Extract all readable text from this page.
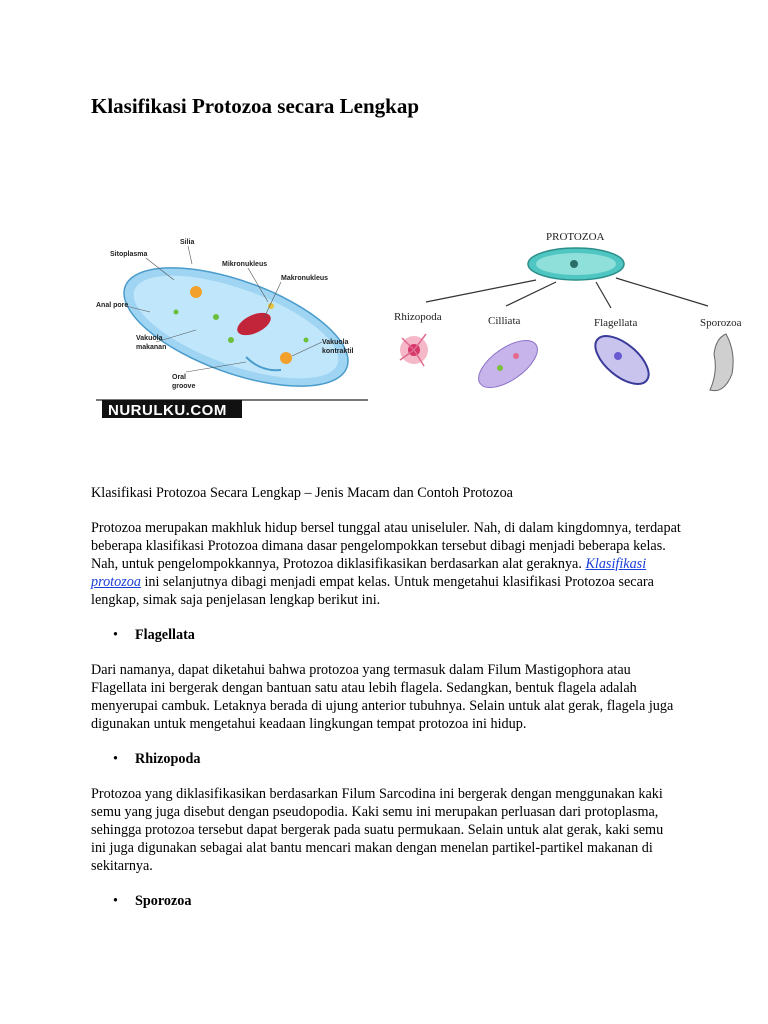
Klasifikasi Protozoa secara Lengkap
Silia
Sitoplasma
Mikronukleus
Makronukleus
Anal pore
Vakuola
makanan
Vakuola
kontraktil
Oral
groove
NURULKU.COM
PROTOZOA
Rhizopoda	Cilliata	Flagellata	Sporozoa

Klasifikasi Protozoa Secara Lengkap – Jenis Macam dan Contoh Protozoa

Protozoa merupakan makhluk hidup bersel tunggal atau uniseluler. Nah, di dalam kingdomnya, terdapat beberapa klasifikasi Protozoa dimana dasar pengelompokkan tersebut dibagi menjadi beberapa kelas. Nah, untuk pengelompokkannya, Protozoa diklasifikasikan berdasarkan alat geraknya. Klasifikasi protozoa ini selanjutnya dibagi menjadi empat kelas. Untuk mengetahui klasifikasi Protozoa secara lengkap, simak saja penjelasan lengkap berikut ini.

• Flagellata

Dari namanya, dapat diketahui bahwa protozoa yang termasuk dalam Filum Mastigophora atau Flagellata ini bergerak dengan bantuan satu atau lebih flagela. Sedangkan, bentuk flagela adalah menyerupai cambuk. Letaknya berada di ujung anterior tubuhnya. Selain untuk alat gerak, flagela juga digunakan untuk mengetahui keadaan lingkungan tempat protozoa ini hidup.

• Rhizopoda

Protozoa yang diklasifikasikan berdasarkan Filum Sarcodina ini bergerak dengan menggunakan kaki semu yang juga disebut dengan pseudopodia. Kaki semu ini merupakan perluasan dari protoplasma, sehingga protozoa tersebut dapat bergerak pada suatu permukaan. Selain untuk alat gerak, kaki semu ini juga digunakan sebagai alat bantu mencari makan dengan menelan partikel-partikel makanan di sekitarnya.

• Sporozoa
